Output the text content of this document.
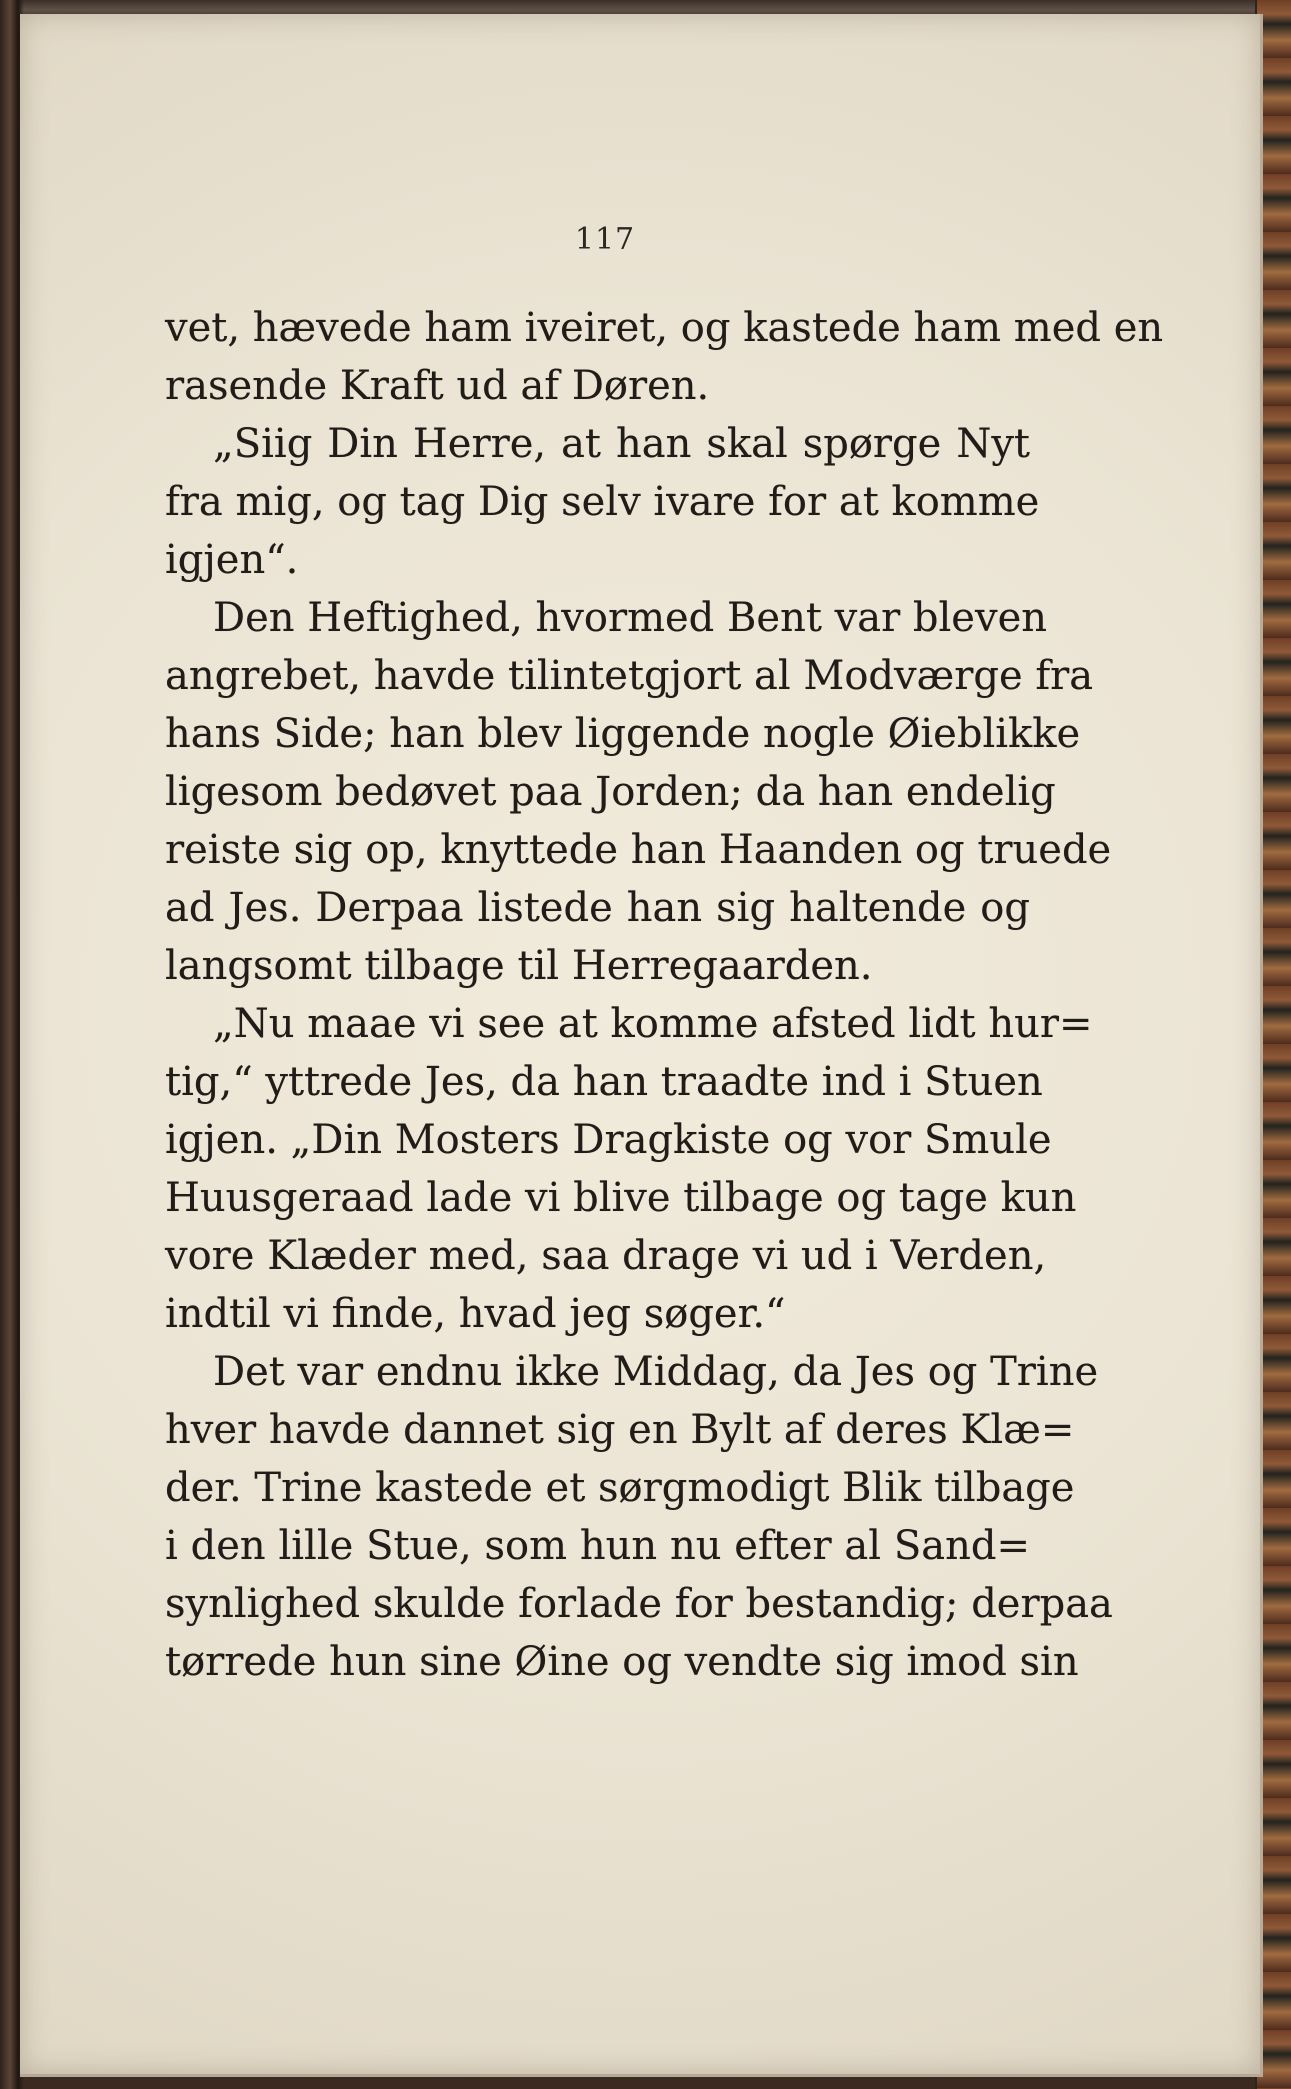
117
vet, hævede ham iveiret, og kastede ham med en
rasende Kraft ud af Døren.
„Siig Din Herre, at han skal spørge Nyt
fra mig, og tag Dig selv ivare for at komme
igjen“.
Den Heftighed, hvormed Bent var bleven
angrebet, havde tilintetgjort al Modværge fra
hans Side; han blev liggende nogle Øieblikke
ligesom bedøvet paa Jorden; da han endelig
reiste sig op, knyttede han Haanden og truede
ad Jes. Derpaa listede han sig haltende og
langsomt tilbage til Herregaarden.
„Nu maae vi see at komme afsted lidt hur=
tig,“ yttrede Jes, da han traadte ind i Stuen
igjen. „Din Mosters Dragkiste og vor Smule
Huusgeraad lade vi blive tilbage og tage kun
vore Klæder med, saa drage vi ud i Verden,
indtil vi finde, hvad jeg søger.“
Det var endnu ikke Middag, da Jes og Trine
hver havde dannet sig en Bylt af deres Klæ=
der. Trine kastede et sørgmodigt Blik tilbage
i den lille Stue, som hun nu efter al Sand=
synlighed skulde forlade for bestandig; derpaa
tørrede hun sine Øine og vendte sig imod sin
